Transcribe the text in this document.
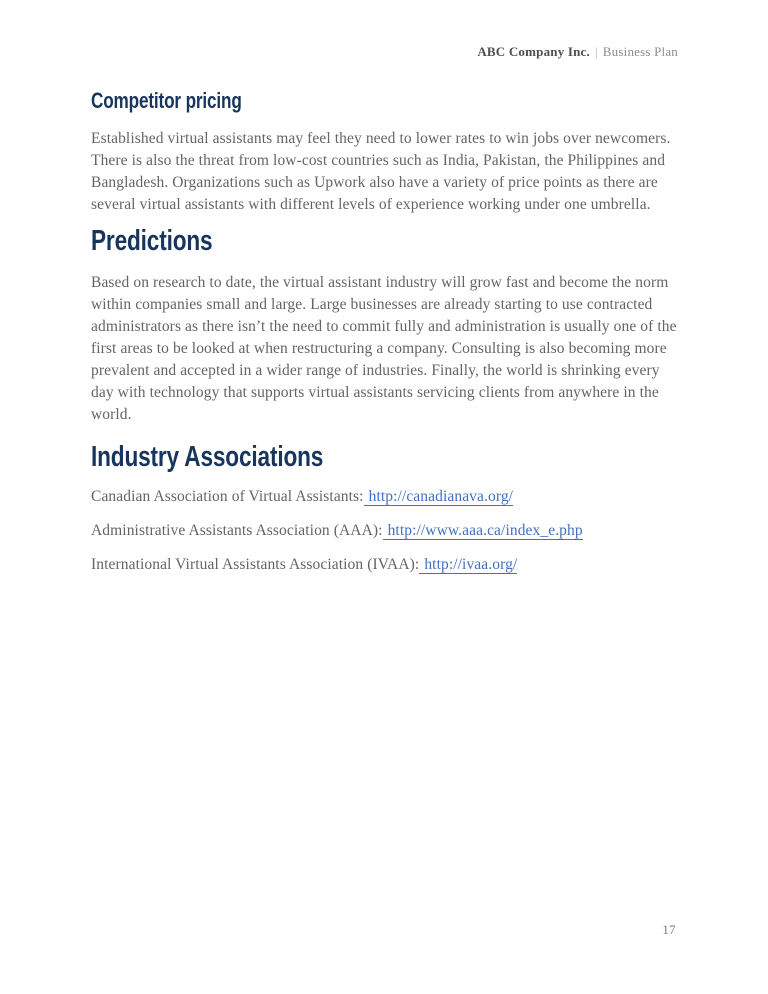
ABC Company Inc. | Business Plan
Competitor pricing

Established virtual assistants may feel they need to lower rates to win jobs over newcomers. There is also the threat from low-cost countries such as India, Pakistan, the Philippines and Bangladesh. Organizations such as Upwork also have a variety of price points as there are several virtual assistants with different levels of experience working under one umbrella.

Predictions

Based on research to date, the virtual assistant industry will grow fast and become the norm within companies small and large. Large businesses are already starting to use contracted administrators as there isn’t the need to commit fully and administration is usually one of the first areas to be looked at when restructuring a company. Consulting is also becoming more prevalent and accepted in a wider range of industries. Finally, the world is shrinking every day with technology that supports virtual assistants servicing clients from anywhere in the world.

Industry Associations
Canadian Association of Virtual Assistants: http://canadianava.org/
Administrative Assistants Association (AAA): http://www.aaa.ca/index_e.php
International Virtual Assistants Association (IVAA): http://ivaa.org/
17
